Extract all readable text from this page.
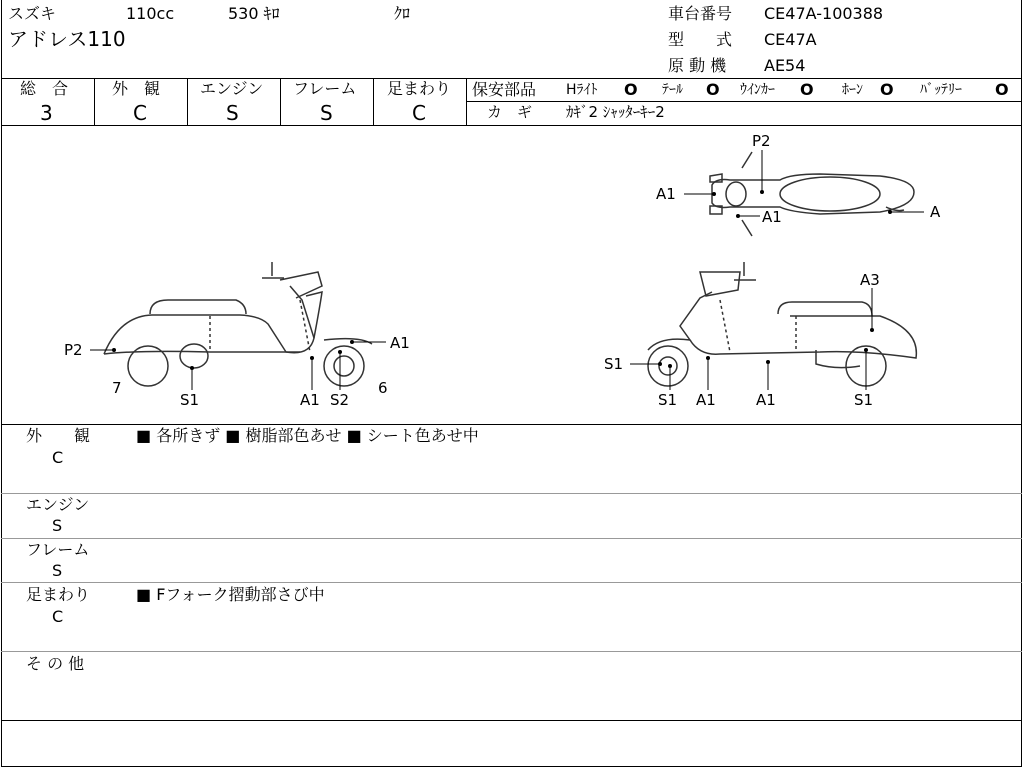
スズキ	110cc	530 ｷﾛ	ｸﾛ
アドレス110
車台番号 CE47A-100388
型　　式 CE47A
原 動 機 AE54
総　合	外　観 エンジン フレーム 足まわり
3	C	S	S	C
保安部品 Hﾗｲﾄ O ﾃｰﾙ O ｳｲﾝｶｰ O ﾎｰﾝ O ﾊﾞｯﾃﾘｰ O
カ　ギ ｶｷﾞ2 ｼｬｯﾀｰｷｰ2
P2
A1
A1	A
P2	A1
7
S1	A1 S2
6
A3
S1
S1 A1	A1	S1
外　　観
C
■ 各所きず ■ 樹脂部色あせ ■ シート色あせ中
エンジン
S
フレーム
S
足まわり
C
■ Fフォーク摺動部さび中
そ の 他
